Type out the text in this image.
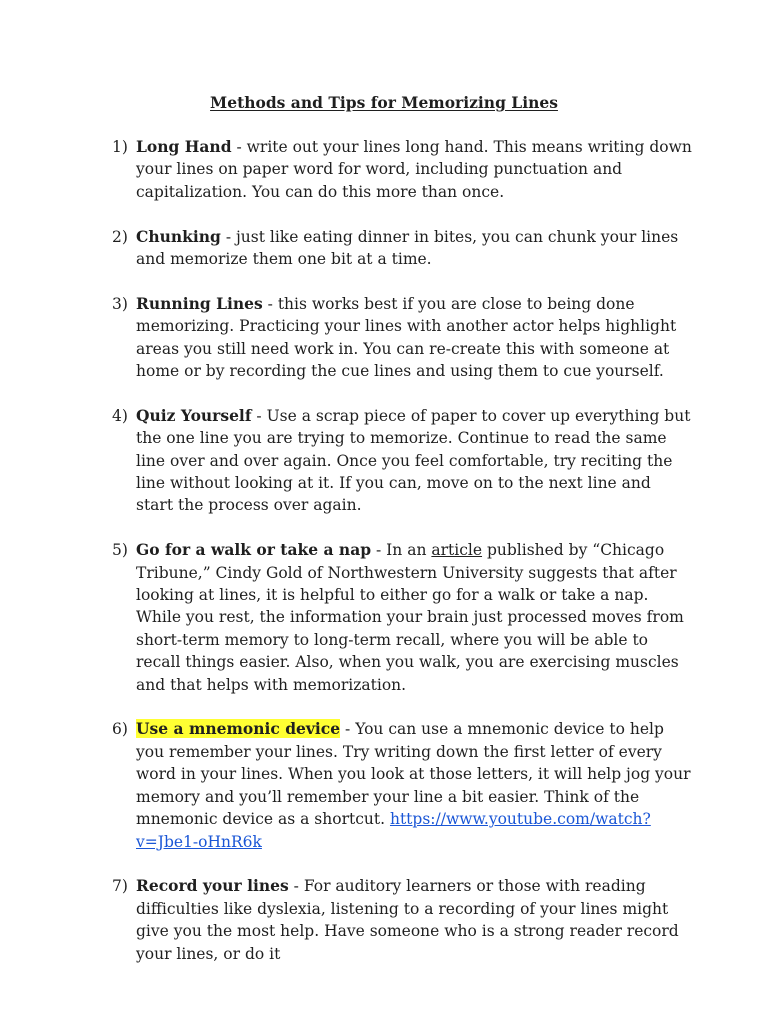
Methods and Tips for Memorizing Lines
1) Long Hand - write out your lines long hand. This means writing down your lines on paper word for word, including punctuation and capitalization. You can do this more than once.
2) Chunking - just like eating dinner in bites, you can chunk your lines and memorize them one bit at a time.
3) Running Lines - this works best if you are close to being done memorizing. Practicing your lines with another actor helps highlight areas you still need work in. You can re-create this with someone at home or by recording the cue lines and using them to cue yourself.
4) Quiz Yourself - Use a scrap piece of paper to cover up everything but the one line you are trying to memorize. Continue to read the same line over and over again. Once you feel comfortable, try reciting the line without looking at it. If you can, move on to the next line and start the process over again.
5) Go for a walk or take a nap - In an article published by “Chicago Tribune,” Cindy Gold of Northwestern University suggests that after looking at lines, it is helpful to either go for a walk or take a nap. While you rest, the information your brain just processed moves from short-term memory to long-term recall, where you will be able to recall things easier. Also, when you walk, you are exercising muscles and that helps with memorization.
6) Use a mnemonic device - You can use a mnemonic device to help you remember your lines. Try writing down the first letter of every word in your lines. When you look at those letters, it will help jog your memory and you’ll remember your line a bit easier. Think of the mnemonic device as a shortcut. https://www.youtube.com/watch?v=Jbe1-oHnR6k
7) Record your lines - For auditory learners or those with reading difficulties like dyslexia, listening to a recording of your lines might give you the most help. Have someone who is a strong reader record your lines, or do it
